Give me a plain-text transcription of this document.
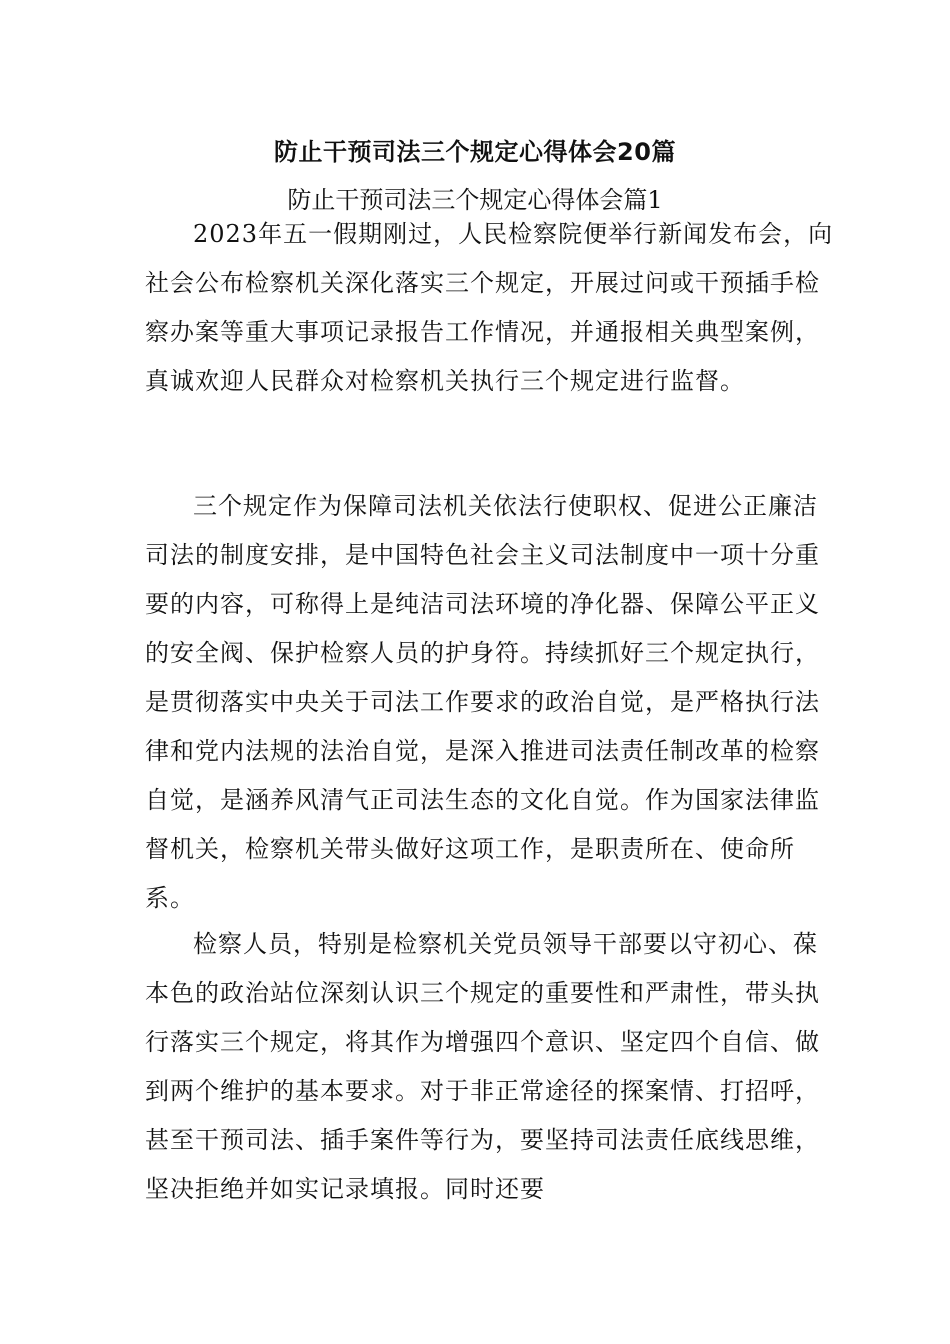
防止干预司法三个规定心得体会20篇
防止干预司法三个规定心得体会篇1

2023年五一假期刚过，人民检察院便举行新闻发布会，向社会公布检察机关深化落实三个规定，开展过问或干预插手检察办案等重大事项记录报告工作情况，并通报相关典型案例，真诚欢迎人民群众对检察机关执行三个规定进行监督。

三个规定作为保障司法机关依法行使职权、促进公正廉洁司法的制度安排，是中国特色社会主义司法制度中一项十分重要的内容，可称得上是纯洁司法环境的净化器、保障公平正义的安全阀、保护检察人员的护身符。持续抓好三个规定执行，是贯彻落实中央关于司法工作要求的政治自觉，是严格执行法律和党内法规的法治自觉，是深入推进司法责任制改革的检察自觉，是涵养风清气正司法生态的文化自觉。作为国家法律监督机关，检察机关带头做好这项工作，是职责所在、使命所系。

检察人员，特别是检察机关党员领导干部要以守初心、葆本色的政治站位深刻认识三个规定的重要性和严肃性，带头执行落实三个规定，将其作为增强四个意识、坚定四个自信、做到两个维护的基本要求。对于非正常途径的探案情、打招呼，甚至干预司法、插手案件等行为，要坚持司法责任底线思维，坚决拒绝并如实记录填报。同时还要
